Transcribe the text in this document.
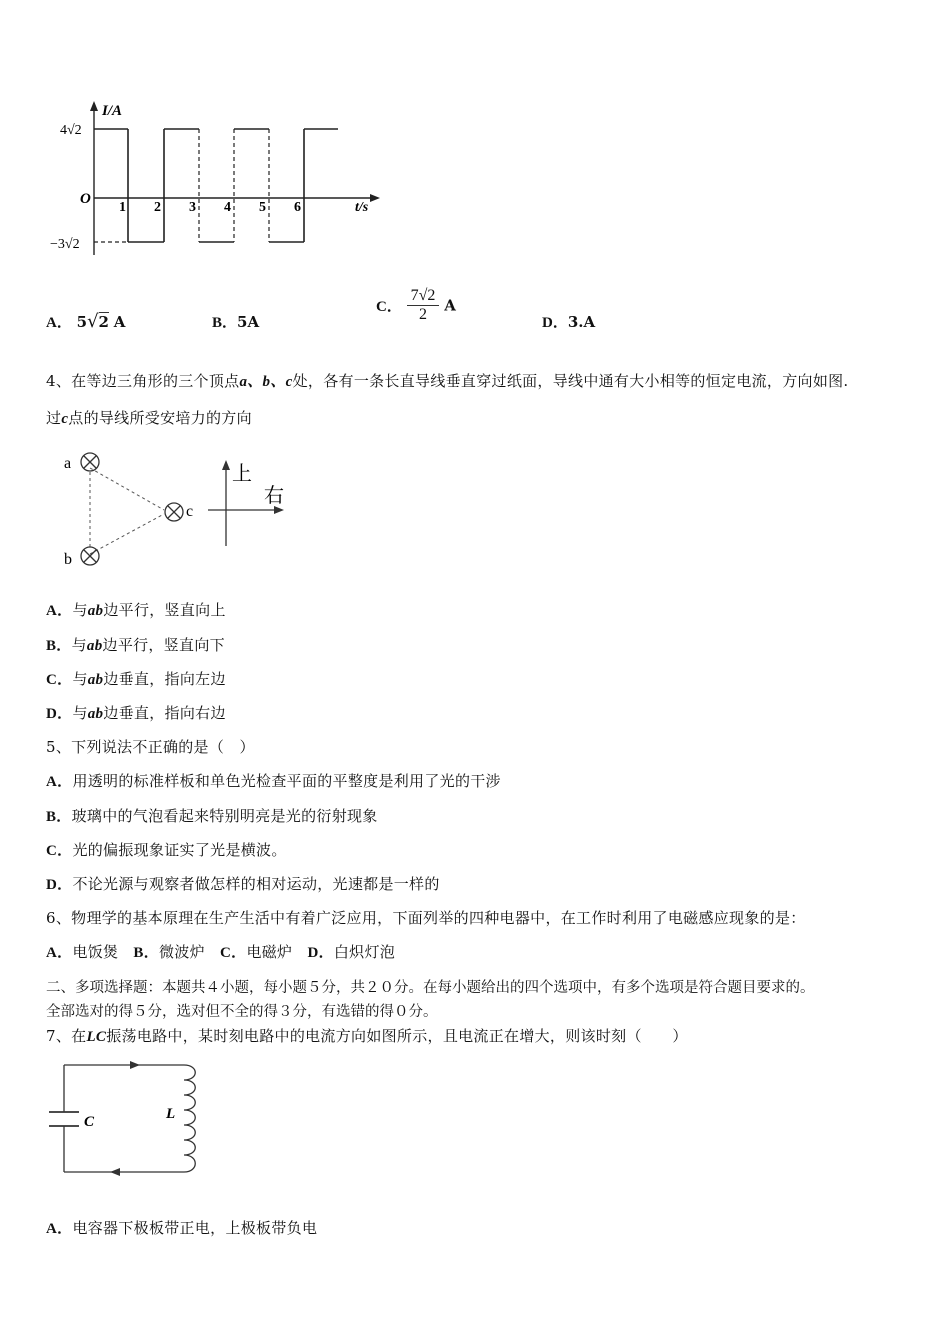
I/A
t/s
O
4√2
−3√2
1 2 3 4 5 6
A． 5√2 A	B．5A
C． $\frac{7√2}{2}$ A
D．3.A
4、在等边三角形的三个顶点a、b、c处，各有一条长直导线垂直穿过纸面，导线中通有大小相等的恒定电流，方向如图.
过c点的导线所受安培力的方向
a
b
c
上
右
A．与ab边平行，竖直向上
B．与ab边平行，竖直向下
C．与ab边垂直，指向左边
D．与ab边垂直，指向右边
5、下列说法不正确的是（　）
A．用透明的标准样板和单色光检查平面的平整度是利用了光的干涉
B．玻璃中的气泡看起来特别明亮是光的衍射现象
C．光的偏振现象证实了光是横波。
D．不论光源与观察者做怎样的相对运动，光速都是一样的
6、物理学的基本原理在生产生活中有着广泛应用，下面列举的四种电器中，在工作时利用了电磁感应现象的是：
A．电饭煲 B．微波炉 C．电磁炉 D．白炽灯泡
二、多项选择题：本题共４小题，每小题５分，共２０分。在每小题给出的四个选项中，有多个选项是符合题目要求的。
全部选对的得５分，选对但不全的得３分，有选错的得０分。
7、在LC振荡电路中，某时刻电路中的电流方向如图所示，且电流正在增大，则该时刻（　　）
C	L
A．电容器下极板带正电，上极板带负电
